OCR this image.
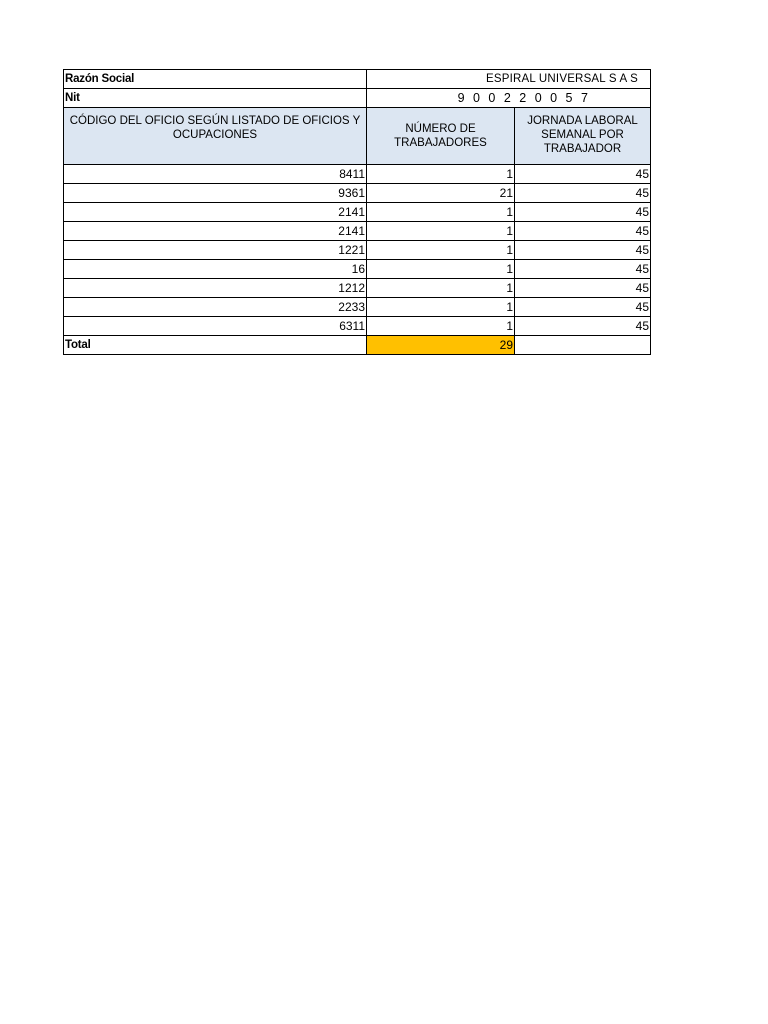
Razón Social	ESPIRAL UNIVERSAL S A S	
Nit	9 0 0 2 2 0 0 5 7	
CÓDIGO DEL OFICIO SEGÚN LISTADO DE OFICIOS Y OCUPACIONES	NÚMERO DE TRABAJADORES	JORNADA LABORAL SEMANAL POR TRABAJADOR
8411	1	45
9361	21	45
2141	1	45
2141	1	45
1221	1	45
16	1	45
1212	1	45
2233	1	45
6311	1	45
Total	29	
